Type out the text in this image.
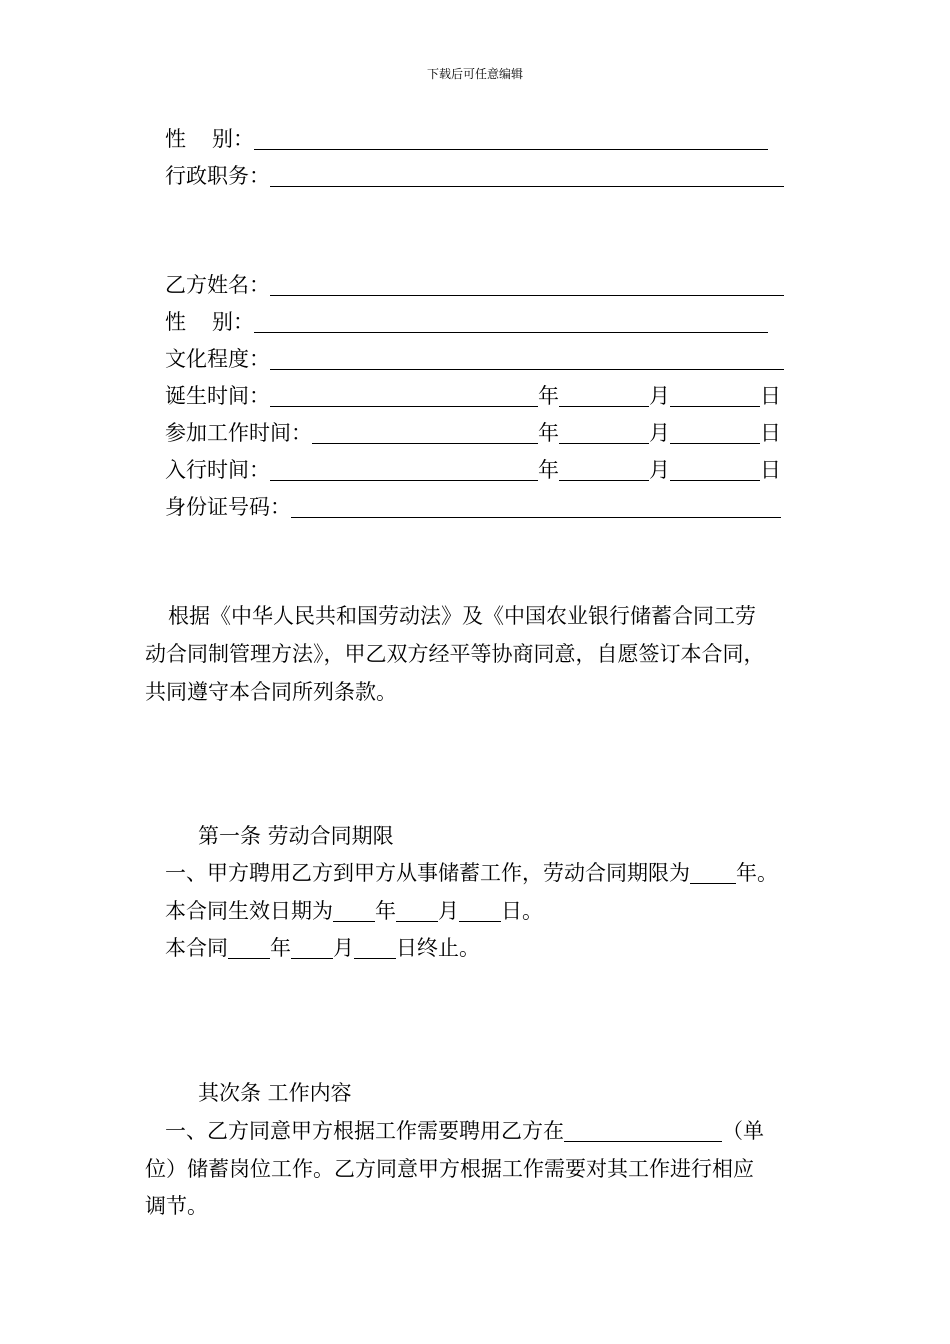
下载后可任意编辑
性 别：
行政职务：
乙方姓名：
性 别：
文化程度：
诞生时间：	年	月	日
参加工作时间：	年	月	日
入行时间：	年	月	日
身份证号码：
根据《中华人民共和国劳动法》及《中国农业银行储蓄合同工劳
动合同制管理方法》，甲乙双方经平等协商同意，自愿签订本合同，
共同遵守本合同所列条款。
第一条 劳动合同期限
一、甲方聘用乙方到甲方从事储蓄工作，劳动合同期限为 年。
本合同生效日期为 年 月 日。
本合同 年 月 日终止。
其次条 工作内容
一、乙方同意甲方根据工作需要聘用乙方在	（单
位）储蓄岗位工作。乙方同意甲方根据工作需要对其工作进行相应
调节。
